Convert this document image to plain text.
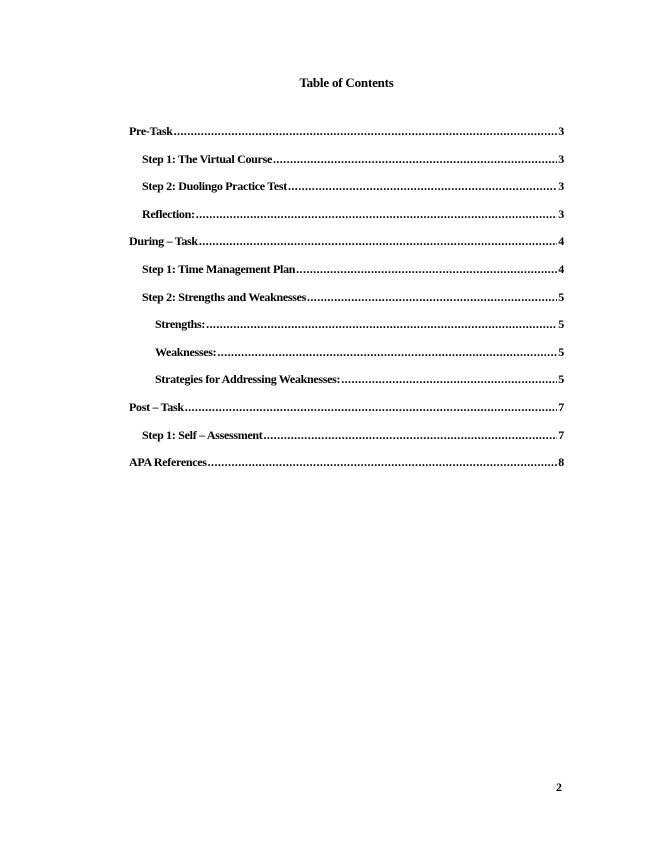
Table of Contents
Pre-Task .....	3
Step 1: The Virtual Course .....	3
Step 2: Duolingo Practice Test .....	3
Reflection: .....	3
During – Task .....	4
Step 1: Time Management Plan .....	4
Step 2: Strengths and Weaknesses .....	5
Strengths: .....	5
Weaknesses: .....	5
Strategies for Addressing Weaknesses: .....	5
Post – Task .....	7
Step 1: Self – Assessment .....	7
APA References .....	8
2
